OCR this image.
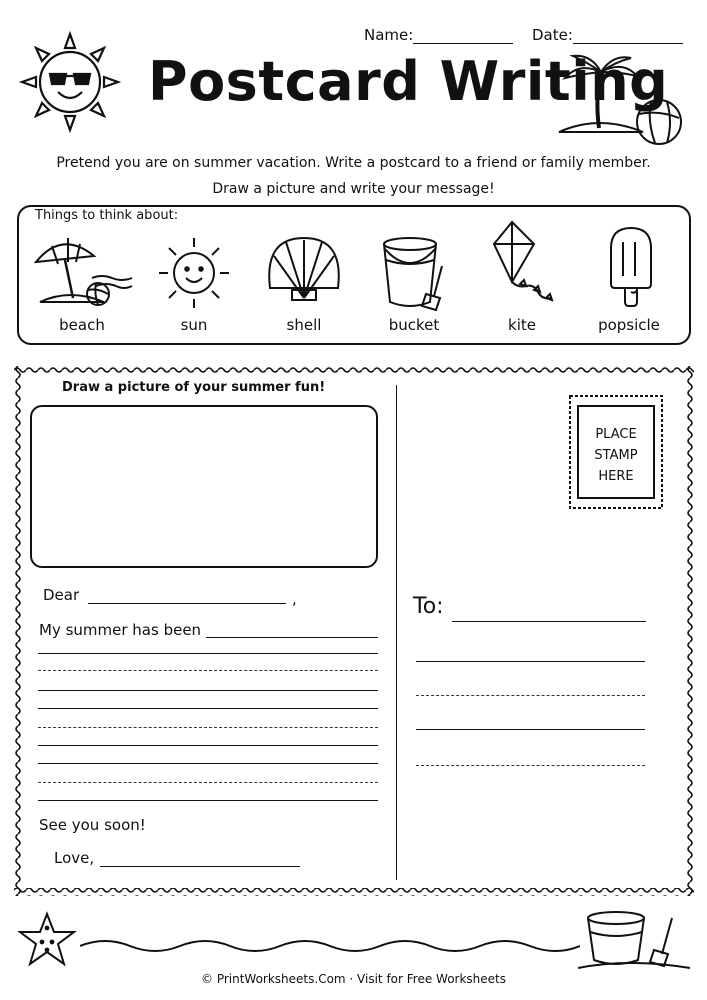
Name:	Date:
Postcard Writing
Pretend you are on summer vacation. Write a postcard to a friend or family member.
Draw a picture and write your message!
Things to think about:
beach	sun	shell	bucket	kite	popsicle
Draw a picture of your summer fun!
PLACE
STAMP
HERE
Dear	,
My summer has been
See you soon!
Love,
To:
© PrintWorksheets.Com · Visit for Free Worksheets
